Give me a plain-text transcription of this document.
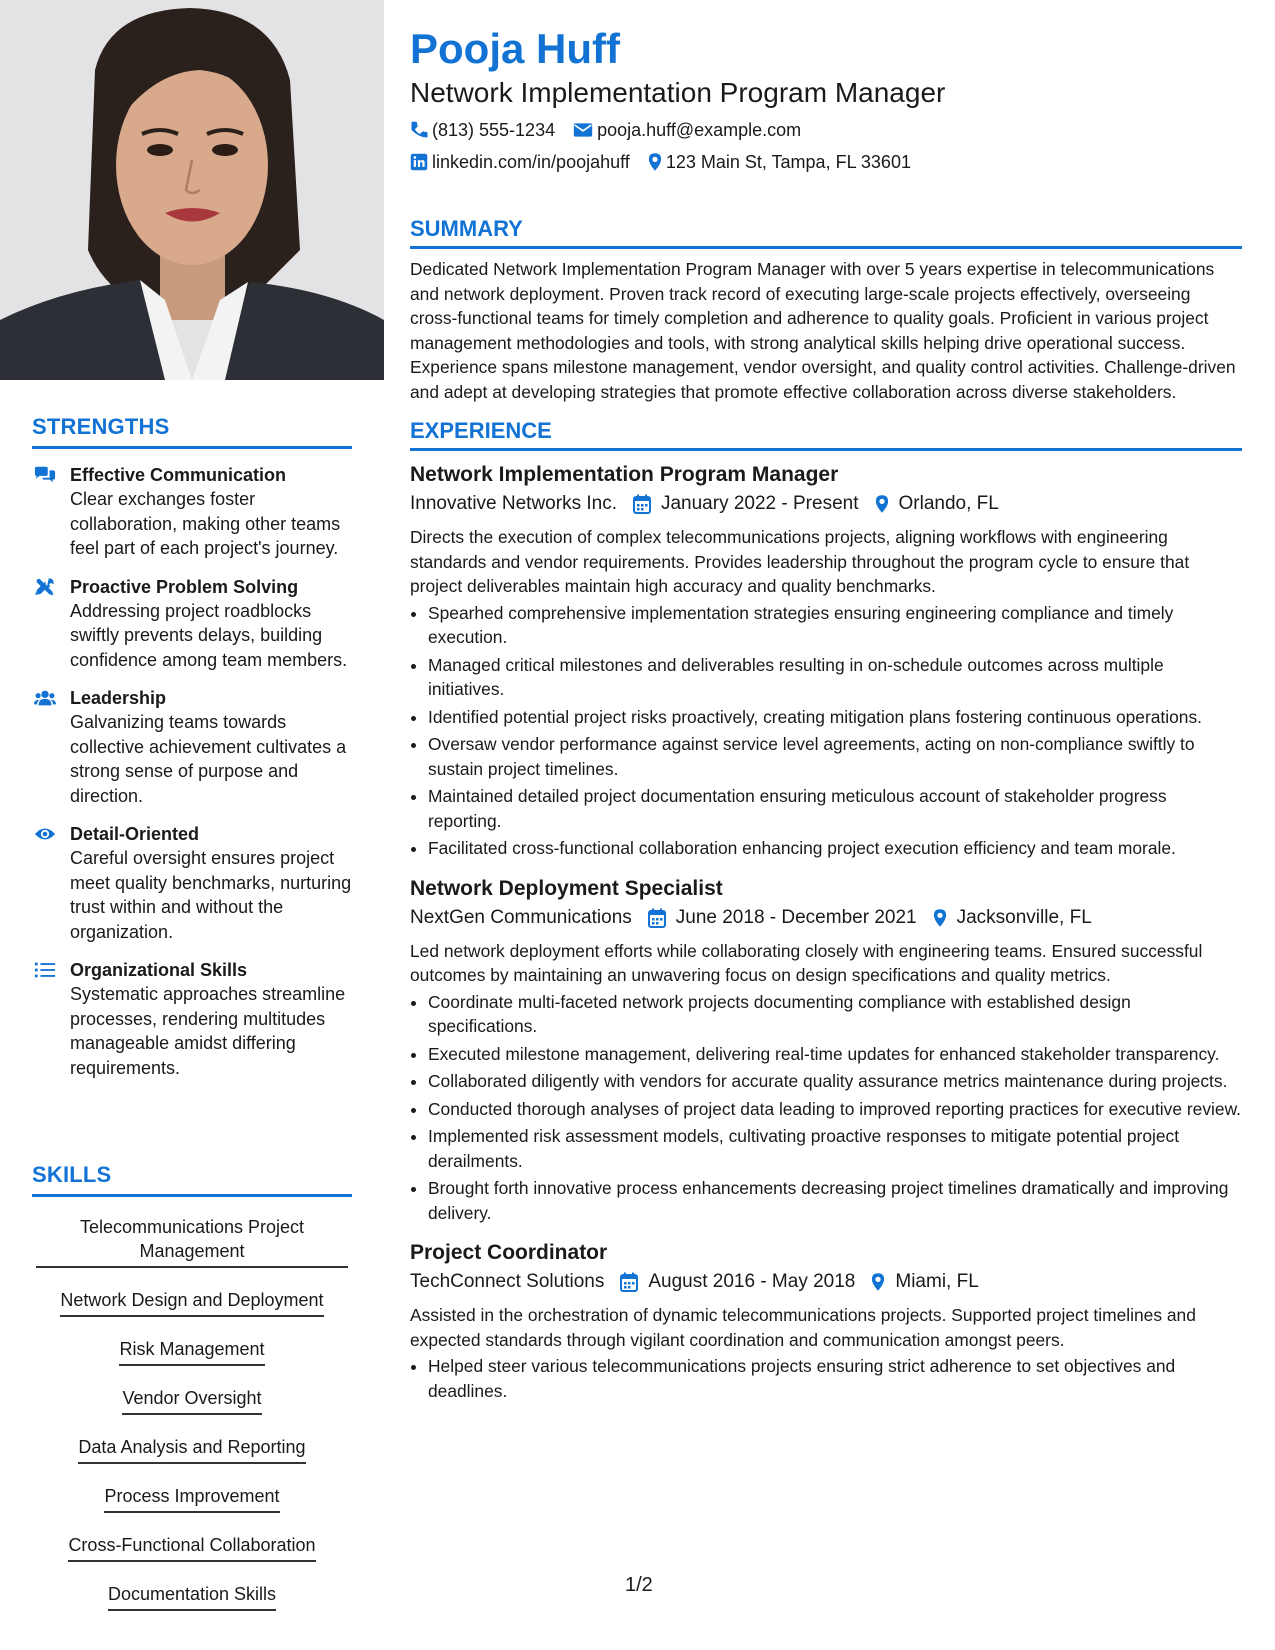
STRENGTHS
Effective Communication
Clear exchanges foster collaboration, making other teams feel part of each project's journey.
Proactive Problem Solving
Addressing project roadblocks swiftly prevents delays, building confidence among team members.
Leadership
Galvanizing teams towards collective achievement cultivates a strong sense of purpose and direction.
Detail-Oriented
Careful oversight ensures project meet quality benchmarks, nurturing trust within and without the organization.
Organizational Skills
Systematic approaches streamline processes, rendering multitudes manageable amidst differing requirements.
SKILLS
Telecommunications Project Management
Network Design and Deployment
Risk Management
Vendor Oversight
Data Analysis and Reporting
Process Improvement
Cross-Functional Collaboration
Documentation Skills
Pooja Huff
Network Implementation Program Manager
(813) 555-1234 pooja.huff@example.com
linkedin.com/in/poojahuff 123 Main St, Tampa, FL 33601
SUMMARY
Dedicated Network Implementation Program Manager with over 5 years expertise in telecommunications and network deployment. Proven track record of executing large-scale projects effectively, overseeing cross-functional teams for timely completion and adherence to quality goals. Proficient in various project management methodologies and tools, with strong analytical skills helping drive operational success. Experience spans milestone management, vendor oversight, and quality control activities. Challenge-driven and adept at developing strategies that promote effective collaboration across diverse stakeholders.
EXPERIENCE
Network Implementation Program Manager
Innovative Networks Inc. January 2022 - Present Orlando, FL
Directs the execution of complex telecommunications projects, aligning workflows with engineering standards and vendor requirements. Provides leadership throughout the program cycle to ensure that project deliverables maintain high accuracy and quality benchmarks.
• Spearhed comprehensive implementation strategies ensuring engineering compliance and timely execution.
• Managed critical milestones and deliverables resulting in on-schedule outcomes across multiple initiatives.
• Identified potential project risks proactively, creating mitigation plans fostering continuous operations.
• Oversaw vendor performance against service level agreements, acting on non-compliance swiftly to sustain project timelines.
• Maintained detailed project documentation ensuring meticulous account of stakeholder progress reporting.
• Facilitated cross-functional collaboration enhancing project execution efficiency and team morale.
Network Deployment Specialist
NextGen Communications June 2018 - December 2021 Jacksonville, FL
Led network deployment efforts while collaborating closely with engineering teams. Ensured successful outcomes by maintaining an unwavering focus on design specifications and quality metrics.
• Coordinate multi-faceted network projects documenting compliance with established design specifications.
• Executed milestone management, delivering real-time updates for enhanced stakeholder transparency.
• Collaborated diligently with vendors for accurate quality assurance metrics maintenance during projects.
• Conducted thorough analyses of project data leading to improved reporting practices for executive review.
• Implemented risk assessment models, cultivating proactive responses to mitigate potential project derailments.
• Brought forth innovative process enhancements decreasing project timelines dramatically and improving delivery.
Project Coordinator
TechConnect Solutions August 2016 - May 2018 Miami, FL
Assisted in the orchestration of dynamic telecommunications projects. Supported project timelines and expected standards through vigilant coordination and communication amongst peers.
• Helped steer various telecommunications projects ensuring strict adherence to set objectives and deadlines.
1/2
